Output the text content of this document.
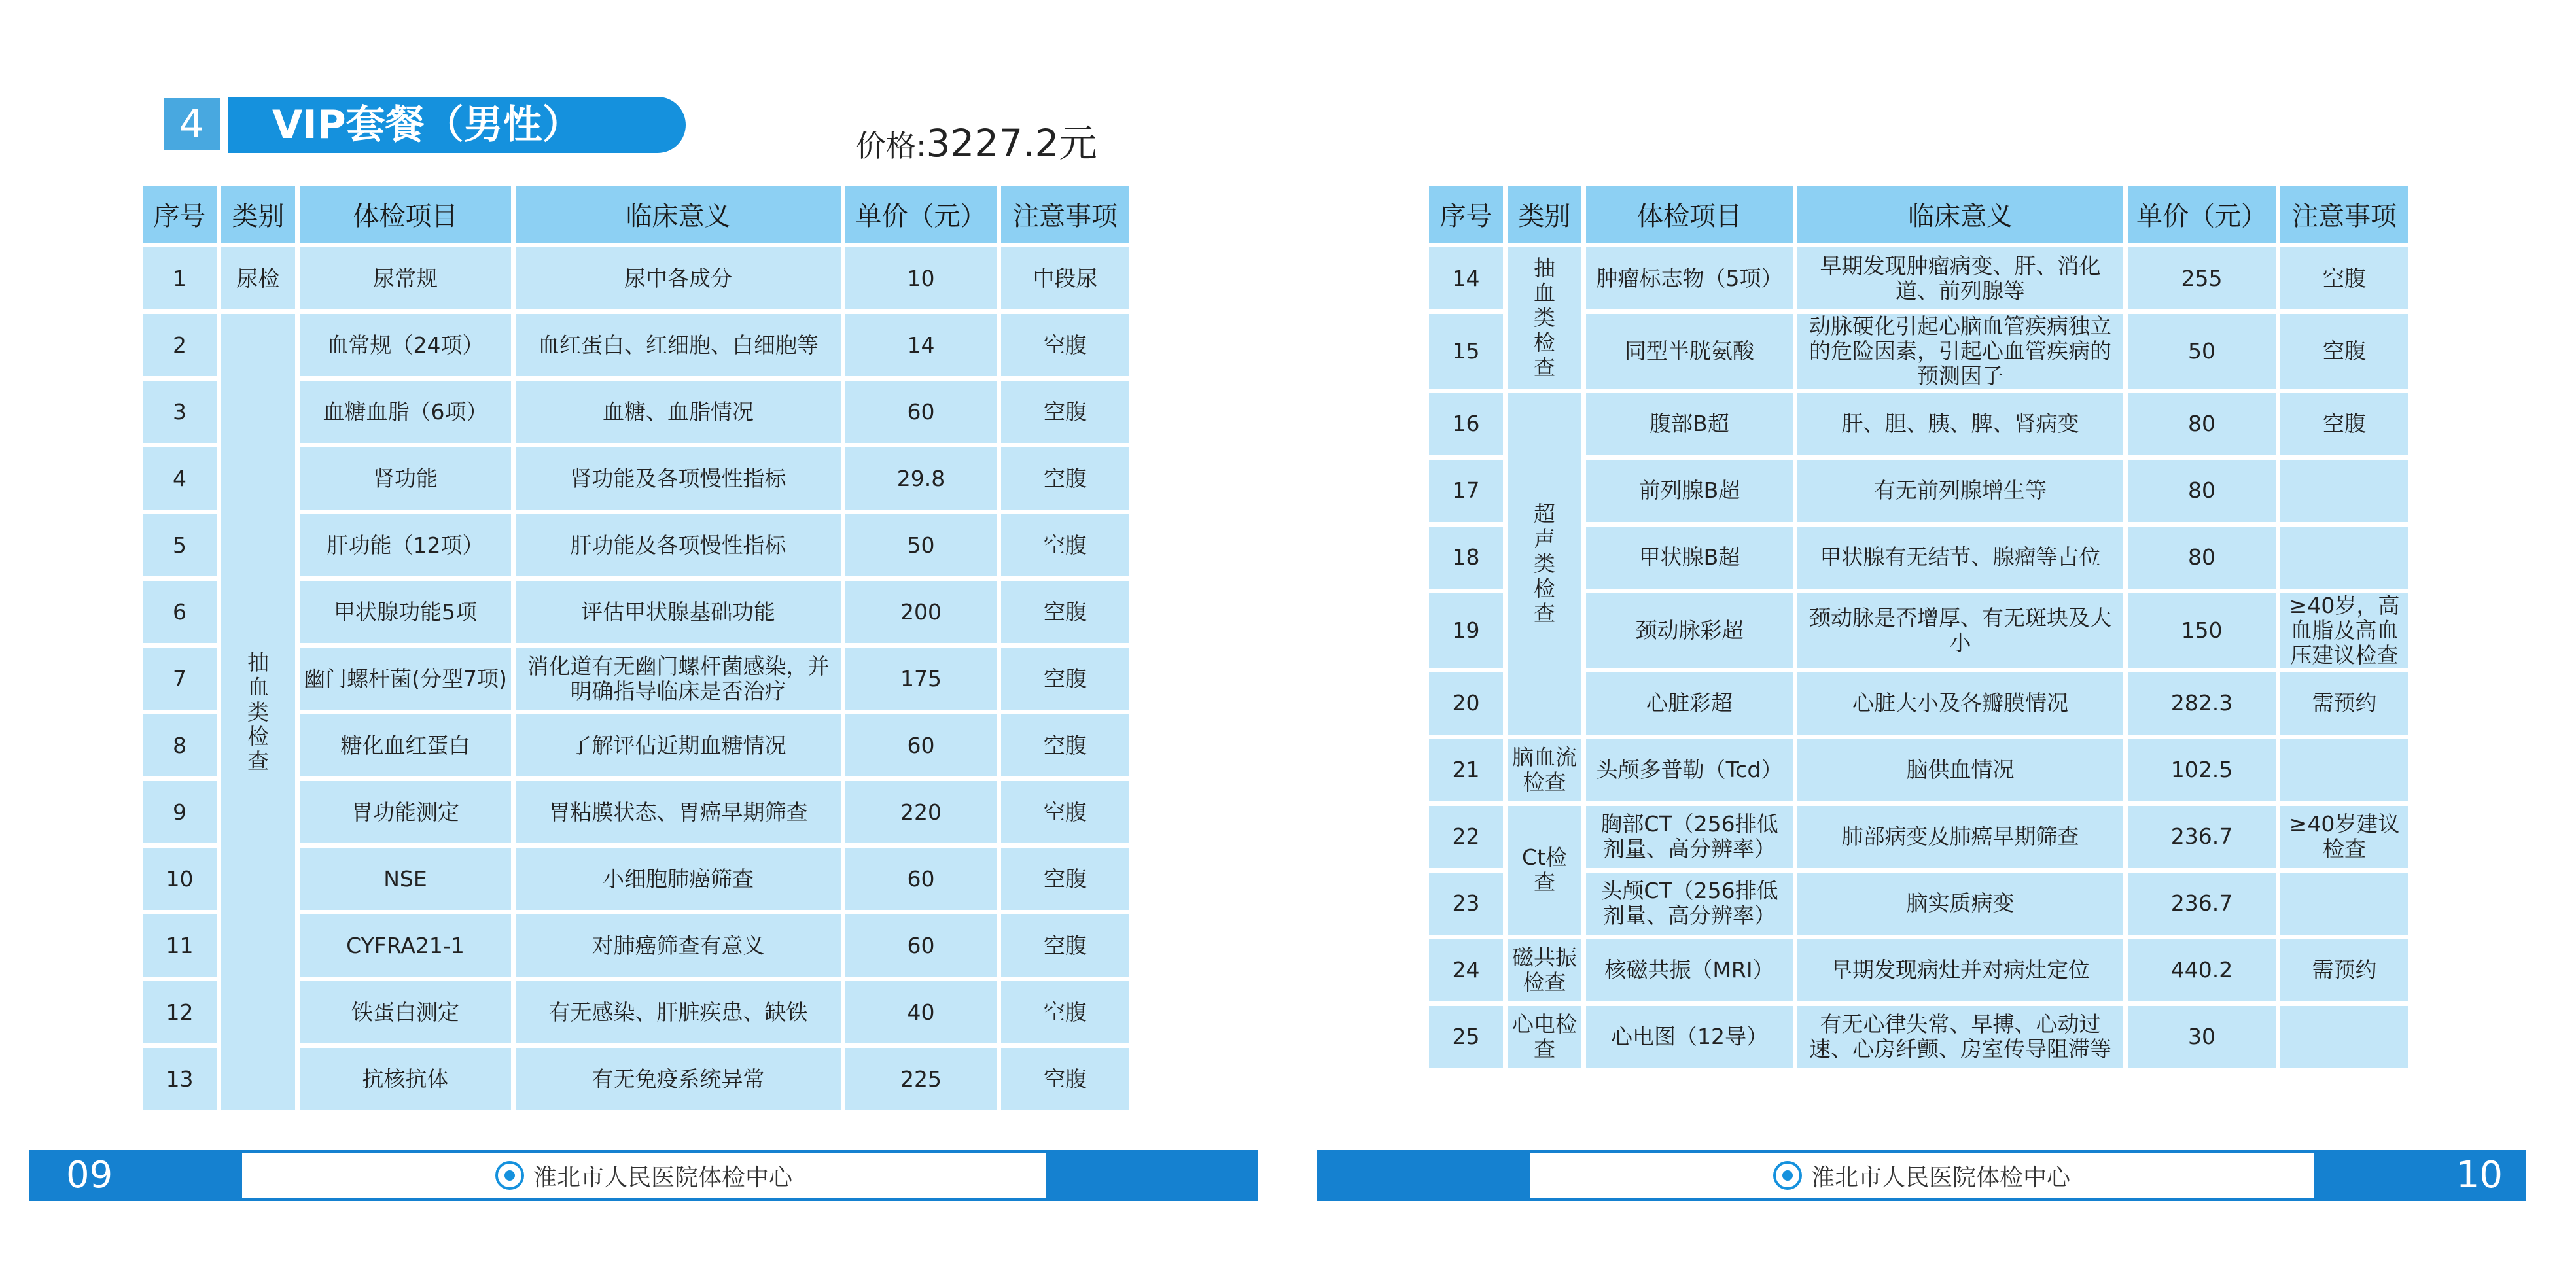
4	VIP套餐（男性）	价格:3227.2元
序号	类别	体检项目	临床意义	单价（元）	注意事项
1	尿检	尿常规	尿中各成分	10	中段尿
2	抽血类检查	血常规（24项）	血红蛋白、红细胞、白细胞等	14	空腹
3		血糖血脂（6项）	血糖、血脂情况	60	空腹
4		肾功能	肾功能及各项慢性指标	29.8	空腹
5		肝功能（12项）	肝功能及各项慢性指标	50	空腹
6		甲状腺功能5项	评估甲状腺基础功能	200	空腹
7		幽门螺杆菌(分型7项)	消化道有无幽门螺杆菌感染，并明确指导临床是否治疗	175	空腹
8		糖化血红蛋白	了解评估近期血糖情况	60	空腹
9		胃功能测定	胃粘膜状态、胃癌早期筛查	220	空腹
10		NSE	小细胞肺癌筛查	60	空腹
11		CYFRA21-1	对肺癌筛查有意义	60	空腹
12		铁蛋白测定	有无感染、肝脏疾患、缺铁	40	空腹
13		抗核抗体	有无免疫系统异常	225	空腹
09	淮北市人民医院体检中心
序号	类别	体检项目	临床意义	单价（元）	注意事项
14	抽血类检查	肿瘤标志物（5项）	早期发现肿瘤病变、肝、消化道、前列腺等	255	空腹
15		同型半胱氨酸	动脉硬化引起心脑血管疾病独立的危险因素，引起心血管疾病的预测因子	50	空腹
16	超声类检查	腹部B超	肝、胆、胰、脾、肾病变	80	空腹
17		前列腺B超	有无前列腺增生等	80	
18		甲状腺B超	甲状腺有无结节、腺瘤等占位	80	
19		颈动脉彩超	颈动脉是否增厚、有无斑块及大小	150	≥40岁，高血脂及高血压建议检查
20		心脏彩超	心脏大小及各瓣膜情况	282.3	需预约
21	脑血流检查	头颅多普勒（Tcd）	脑供血情况	102.5	
22	Ct检查	胸部CT（256排低剂量、高分辨率）	肺部病变及肺癌早期筛查	236.7	≥40岁建议检查
23		头颅CT（256排低剂量、高分辨率）	脑实质病变	236.7	
24	磁共振检查	核磁共振（MRI）	早期发现病灶并对病灶定位	440.2	需预约
25	心电检查	心电图（12导）	有无心律失常、早搏、心动过速、心房纤颤、房室传导阻滞等	30	
淮北市人民医院体检中心	10
